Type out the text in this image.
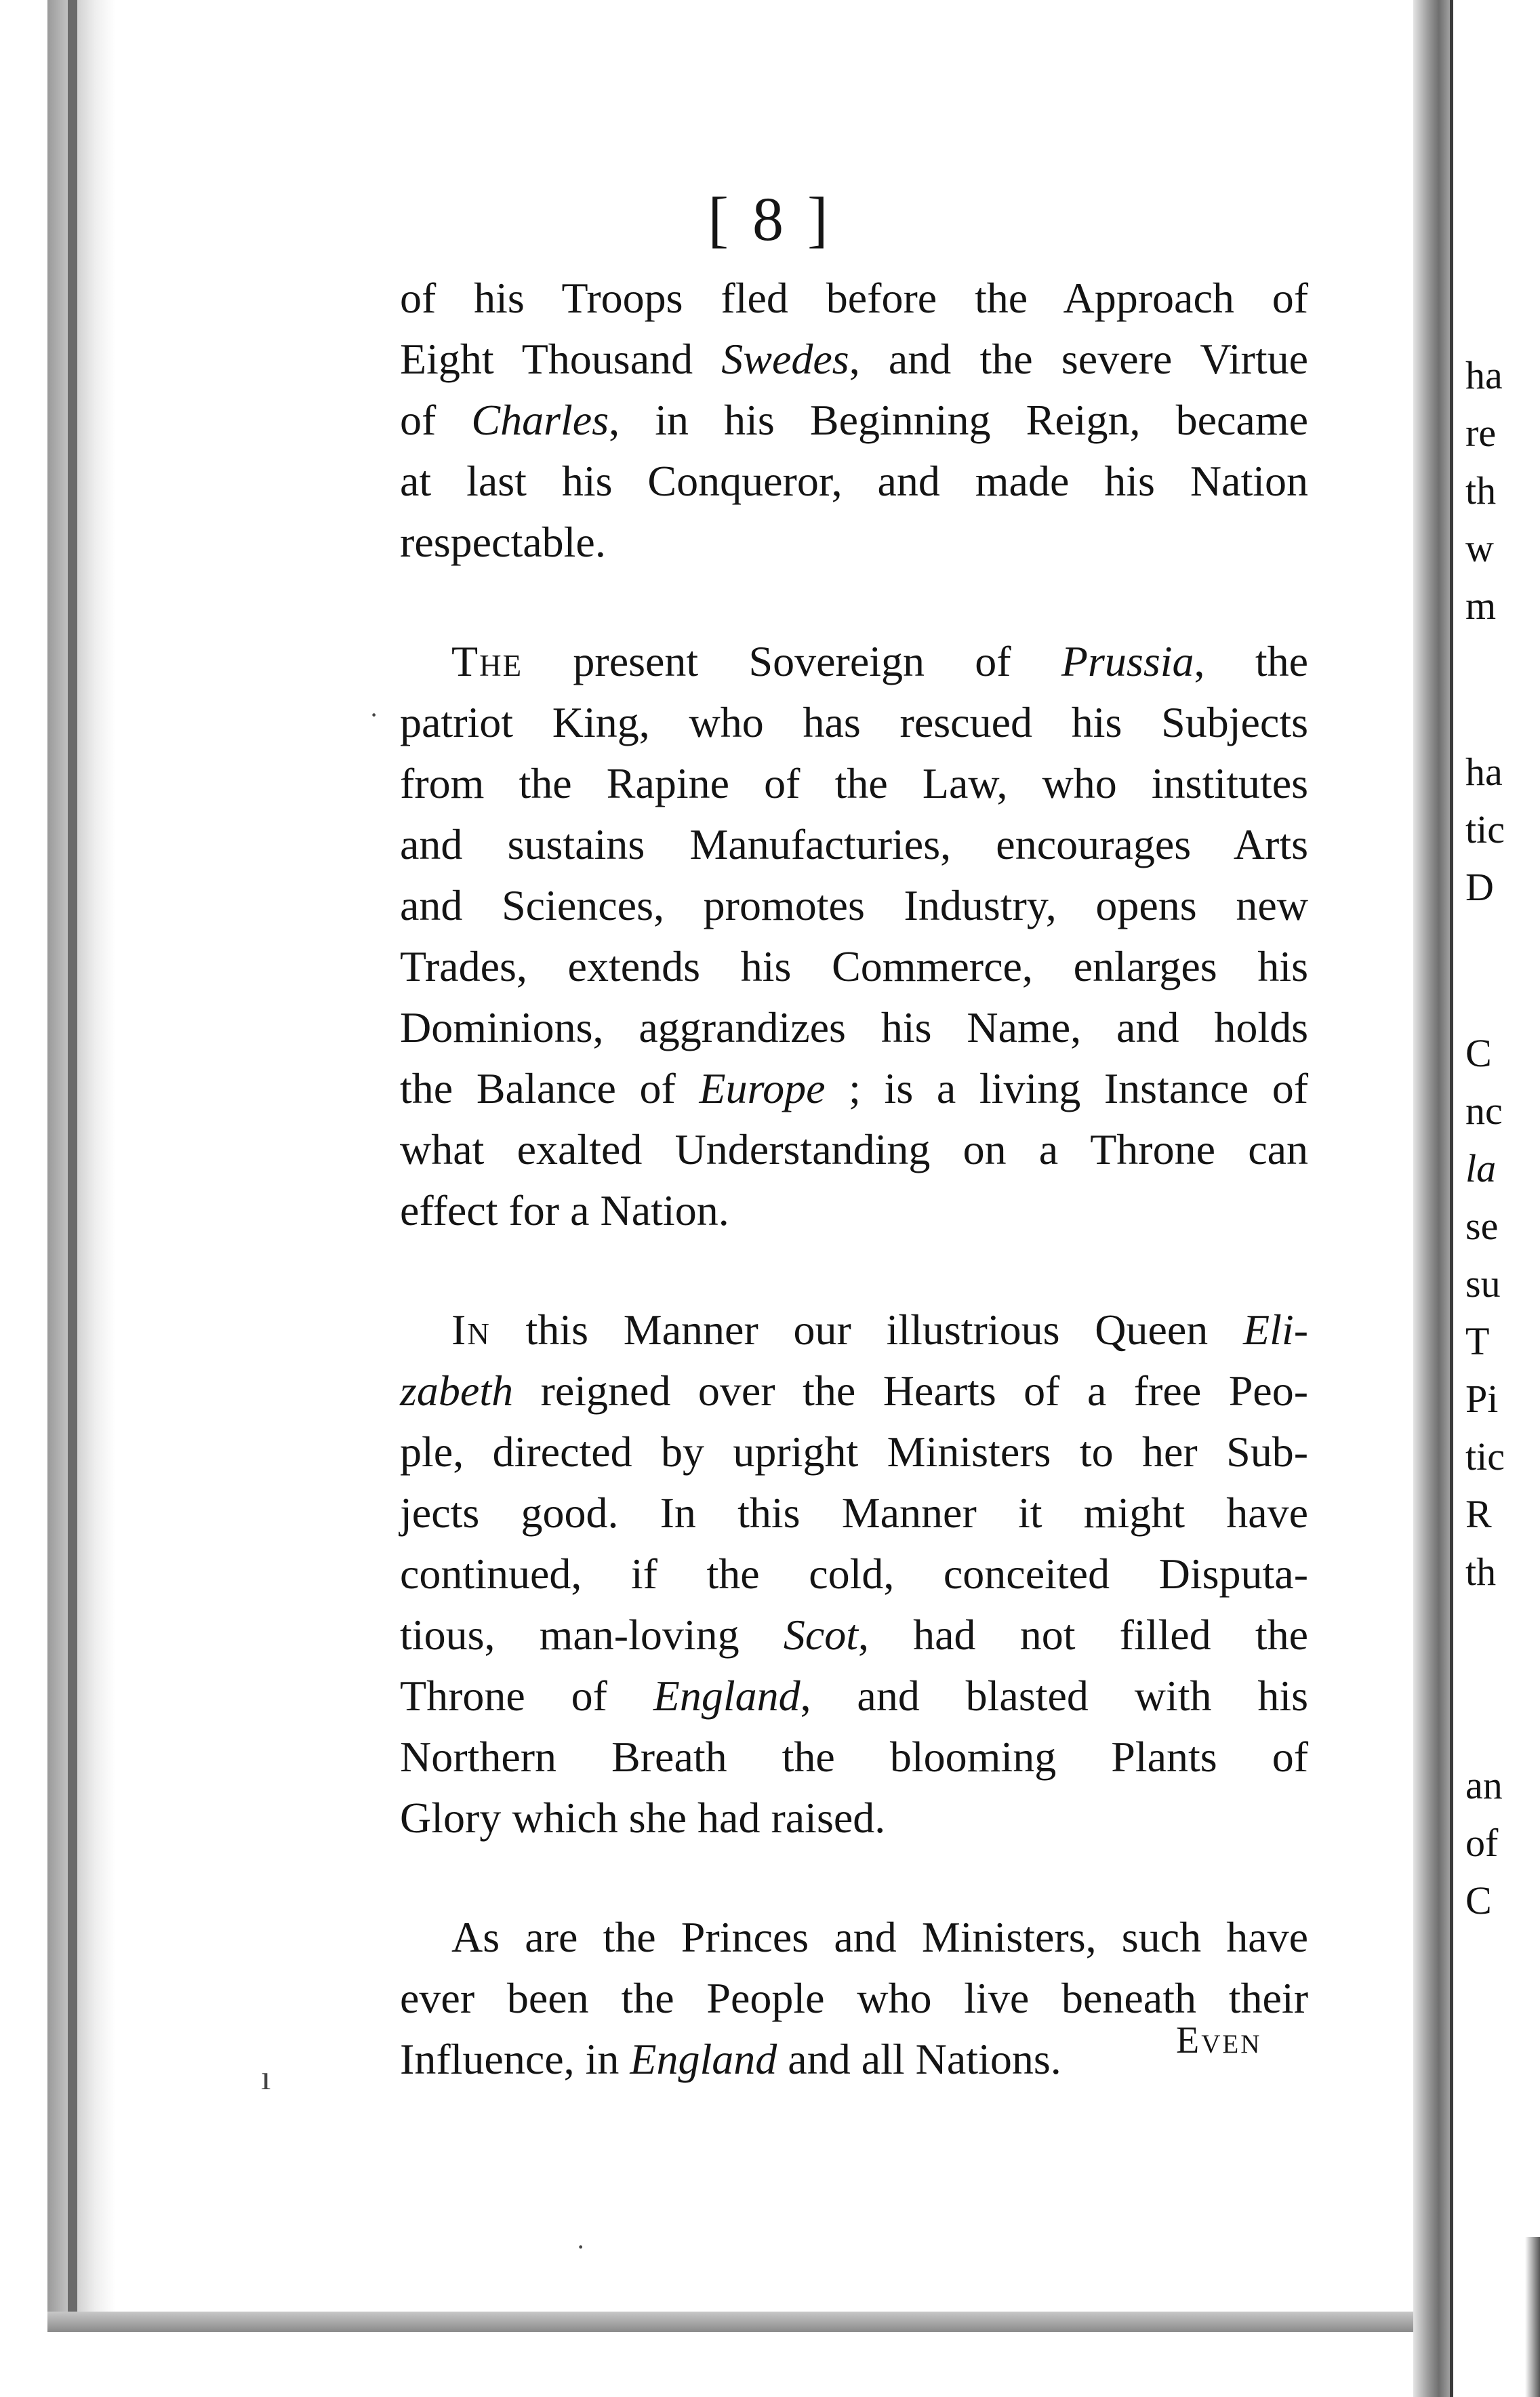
ha
re
th
w
m
ha
tic
D
C
nc
la
se
su
T
Pi
tic
R
th
an
of
C
[ 8 ]
of his Troops fled before the Approach of
Eight Thousand Swedes, and the severe Virtue
of Charles, in his Beginning Reign, became
at last his Conqueror, and made his Nation
respectable.
The present Sovereign of Prussia, the
patriot King, who has rescued his Subjects
from the Rapine of the Law, who institutes
and sustains Manufacturies, encourages Arts
and Sciences, promotes Industry, opens new
Trades, extends his Commerce, enlarges his
Dominions, aggrandizes his Name, and holds
the Balance of Europe ; is a living Instance of
what exalted Understanding on a Throne can
effect for a Nation.
In this Manner our illustrious Queen Eli-
zabeth reigned over the Hearts of a free Peo-
ple, directed by upright Ministers to her Sub-
jects good. In this Manner it might have
continued, if the cold, conceited Disputa-
tious, man-loving Scot, had not filled the
Throne of England, and blasted with his
Northern Breath the blooming Plants of
Glory which she had raised.
As are the Princes and Ministers, such have
ever been the People who live beneath their
Influence, in England and all Nations.	Even
ı
·
·
